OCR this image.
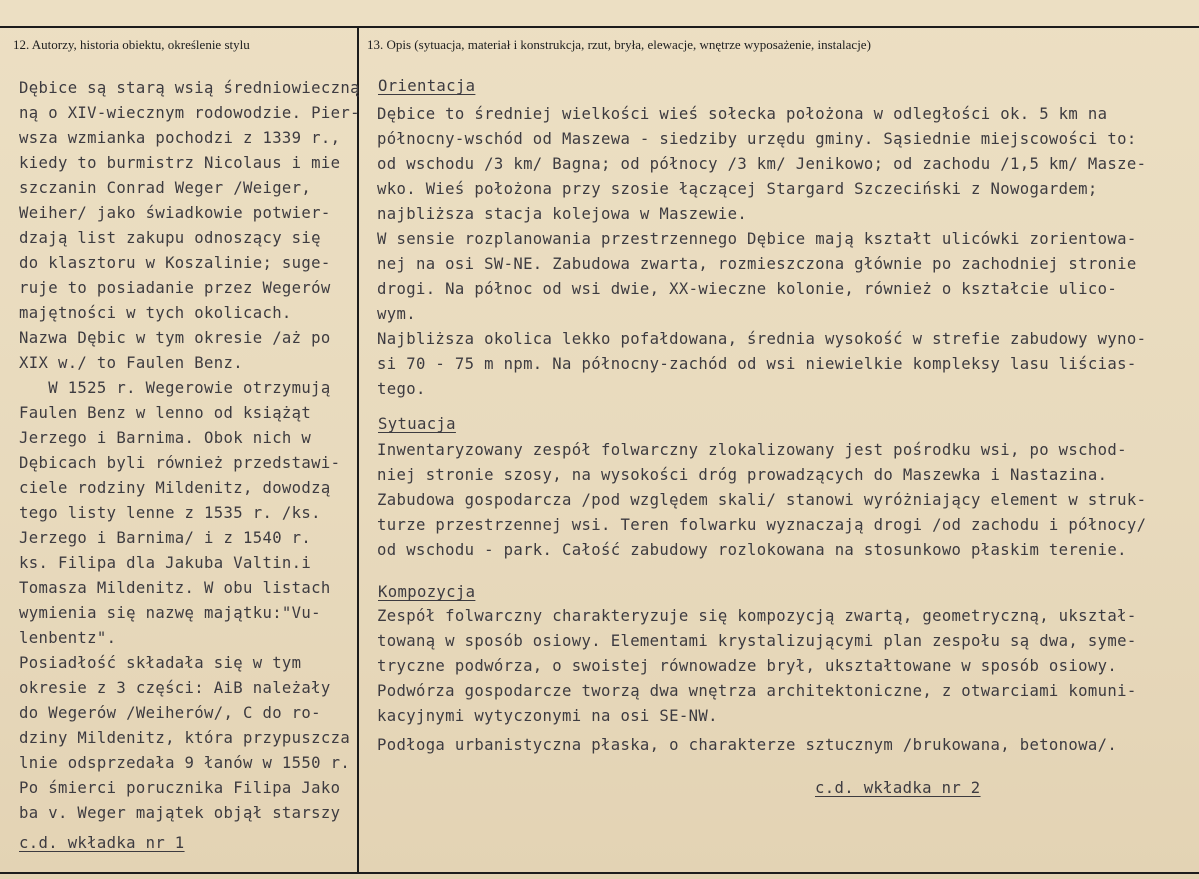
12. Autorzy, historia obiektu, określenie stylu	13. Opis (sytuacja, materiał i konstrukcja, rzut, bryła, elewacje, wnętrze wyposażenie, instalacje)
Dębice są starą wsią średniowieczną
ną o XIV-wiecznym rodowodzie. Pier-
wsza wzmianka pochodzi z 1339 r.,
kiedy to burmistrz Nicolaus i mie
szczanin Conrad Weger /Weiger,
Weiher/ jako świadkowie potwier-
dzają list zakupu odnoszący się
do klasztoru w Koszalinie; suge-
ruje to posiadanie przez Wegerów
majętności w tych okolicach.
Nazwa Dębic w tym okresie /aż po
XIX w./ to Faulen Benz.
W 1525 r. Wegerowie otrzymują
Faulen Benz w lenno od książąt
Jerzego i Barnima. Obok nich w
Dębicach byli również przedstawi-
ciele rodziny Mildenitz, dowodzą
tego listy lenne z 1535 r. /ks.
Jerzego i Barnima/ i z 1540 r.
ks. Filipa dla Jakuba Valtin.i
Tomasza Mildenitz. W obu listach
wymienia się nazwę majątku:"Vu-
lenbentz".
Posiadłość składała się w tym
okresie z 3 części: AiB należały
do Wegerów /Weiherów/, C do ro-
dziny Mildenitz, która przypuszcza
lnie odsprzedała 9 łanów w 1550 r.
Po śmierci porucznika Filipa Jako
ba v. Weger majątek objął starszy
c.d. wkładka nr 1
Orientacja
Dębice to średniej wielkości wieś sołecka położona w odległości ok. 5 km na
północny-wschód od Maszewa - siedziby urzędu gminy. Sąsiednie miejscowości to:
od wschodu /3 km/ Bagna; od północy /3 km/ Jenikowo; od zachodu /1,5 km/ Masze-
wko. Wieś położona przy szosie łączącej Stargard Szczeciński z Nowogardem;
najbliższa stacja kolejowa w Maszewie.
W sensie rozplanowania przestrzennego Dębice mają kształt ulicówki zorientowa-
nej na osi SW-NE. Zabudowa zwarta, rozmieszczona głównie po zachodniej stronie
drogi. Na północ od wsi dwie, XX-wieczne kolonie, również o kształcie ulico-
wym.
Najbliższa okolica lekko pofałdowana, średnia wysokość w strefie zabudowy wyno-
si 70 - 75 m npm. Na północny-zachód od wsi niewielkie kompleksy lasu liścias-
tego.
Sytuacja
Inwentaryzowany zespół folwarczny zlokalizowany jest pośrodku wsi, po wschod-
niej stronie szosy, na wysokości dróg prowadzących do Maszewka i Nastazina.
Zabudowa gospodarcza /pod względem skali/ stanowi wyróżniający element w struk-
turze przestrzennej wsi. Teren folwarku wyznaczają drogi /od zachodu i północy/
od wschodu - park. Całość zabudowy rozlokowana na stosunkowo płaskim terenie.
Kompozycja
Zespół folwarczny charakteryzuje się kompozycją zwartą, geometryczną, ukształ-
towaną w sposób osiowy. Elementami krystalizującymi plan zespołu są dwa, syme-
tryczne podwórza, o swoistej równowadze brył, ukształtowane w sposób osiowy.
Podwórza gospodarcze tworzą dwa wnętrza architektoniczne, z otwarciami komuni-
kacyjnymi wytyczonymi na osi SE-NW.
Podłoga urbanistyczna płaska, o charakterze sztucznym /brukowana, betonowa/.
c.d. wkładka nr 2
